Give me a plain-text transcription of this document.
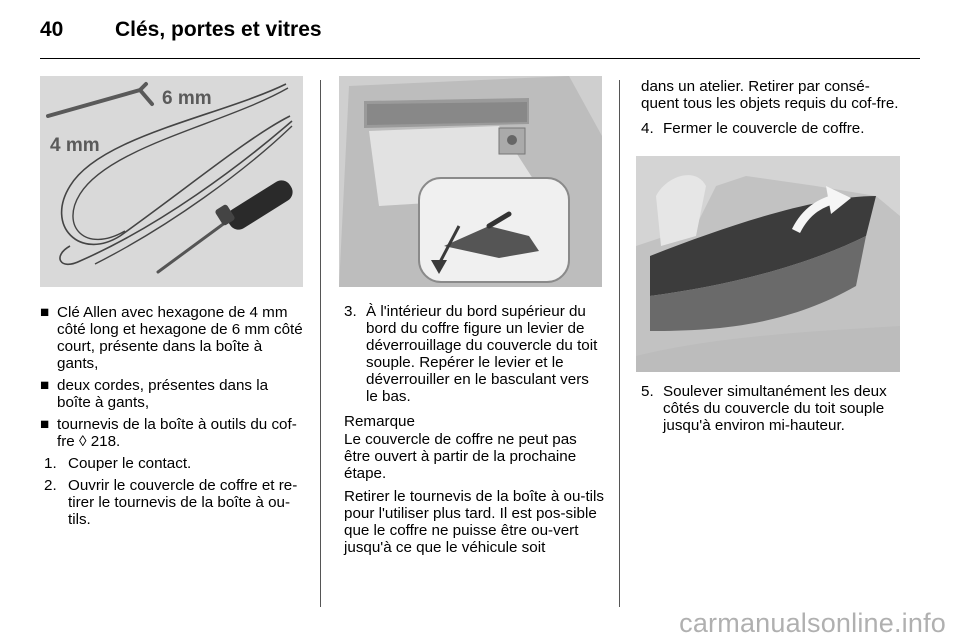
40 Clés, portes et vitres
6 mm
4 mm
■ Clé Allen avec hexagone de 4 mm côté long et hexagone de 6 mm côté court, présente dans la boîte à gants,
■ deux cordes, présentes dans la boîte à gants,
■ tournevis de la boîte à outils du cof-fre ◊ 218.
1. Couper le contact.
2. Ouvrir le couvercle de coffre et re-tirer le tournevis de la boîte à ou-tils.
3. À l'intérieur du bord supérieur du bord du coffre figure un levier de déverrouillage du couvercle du toit souple. Repérer le levier et le déverrouiller en le basculant vers le bas.

Remarque

Le couvercle de coffre ne peut pas être ouvert à partir de la prochaine étape.

Retirer le tournevis de la boîte à ou-tils pour l'utiliser plus tard. Il est pos-sible que le coffre ne puisse être ou-vert jusqu'à ce que le véhicule soit

dans un atelier. Retirer par consé-quent tous les objets requis du cof-fre.

4. Fermer le couvercle de coffre.
5. Soulever simultanément les deux côtés du couvercle du toit souple jusqu'à environ mi-hauteur.
carmanualsonline.info
